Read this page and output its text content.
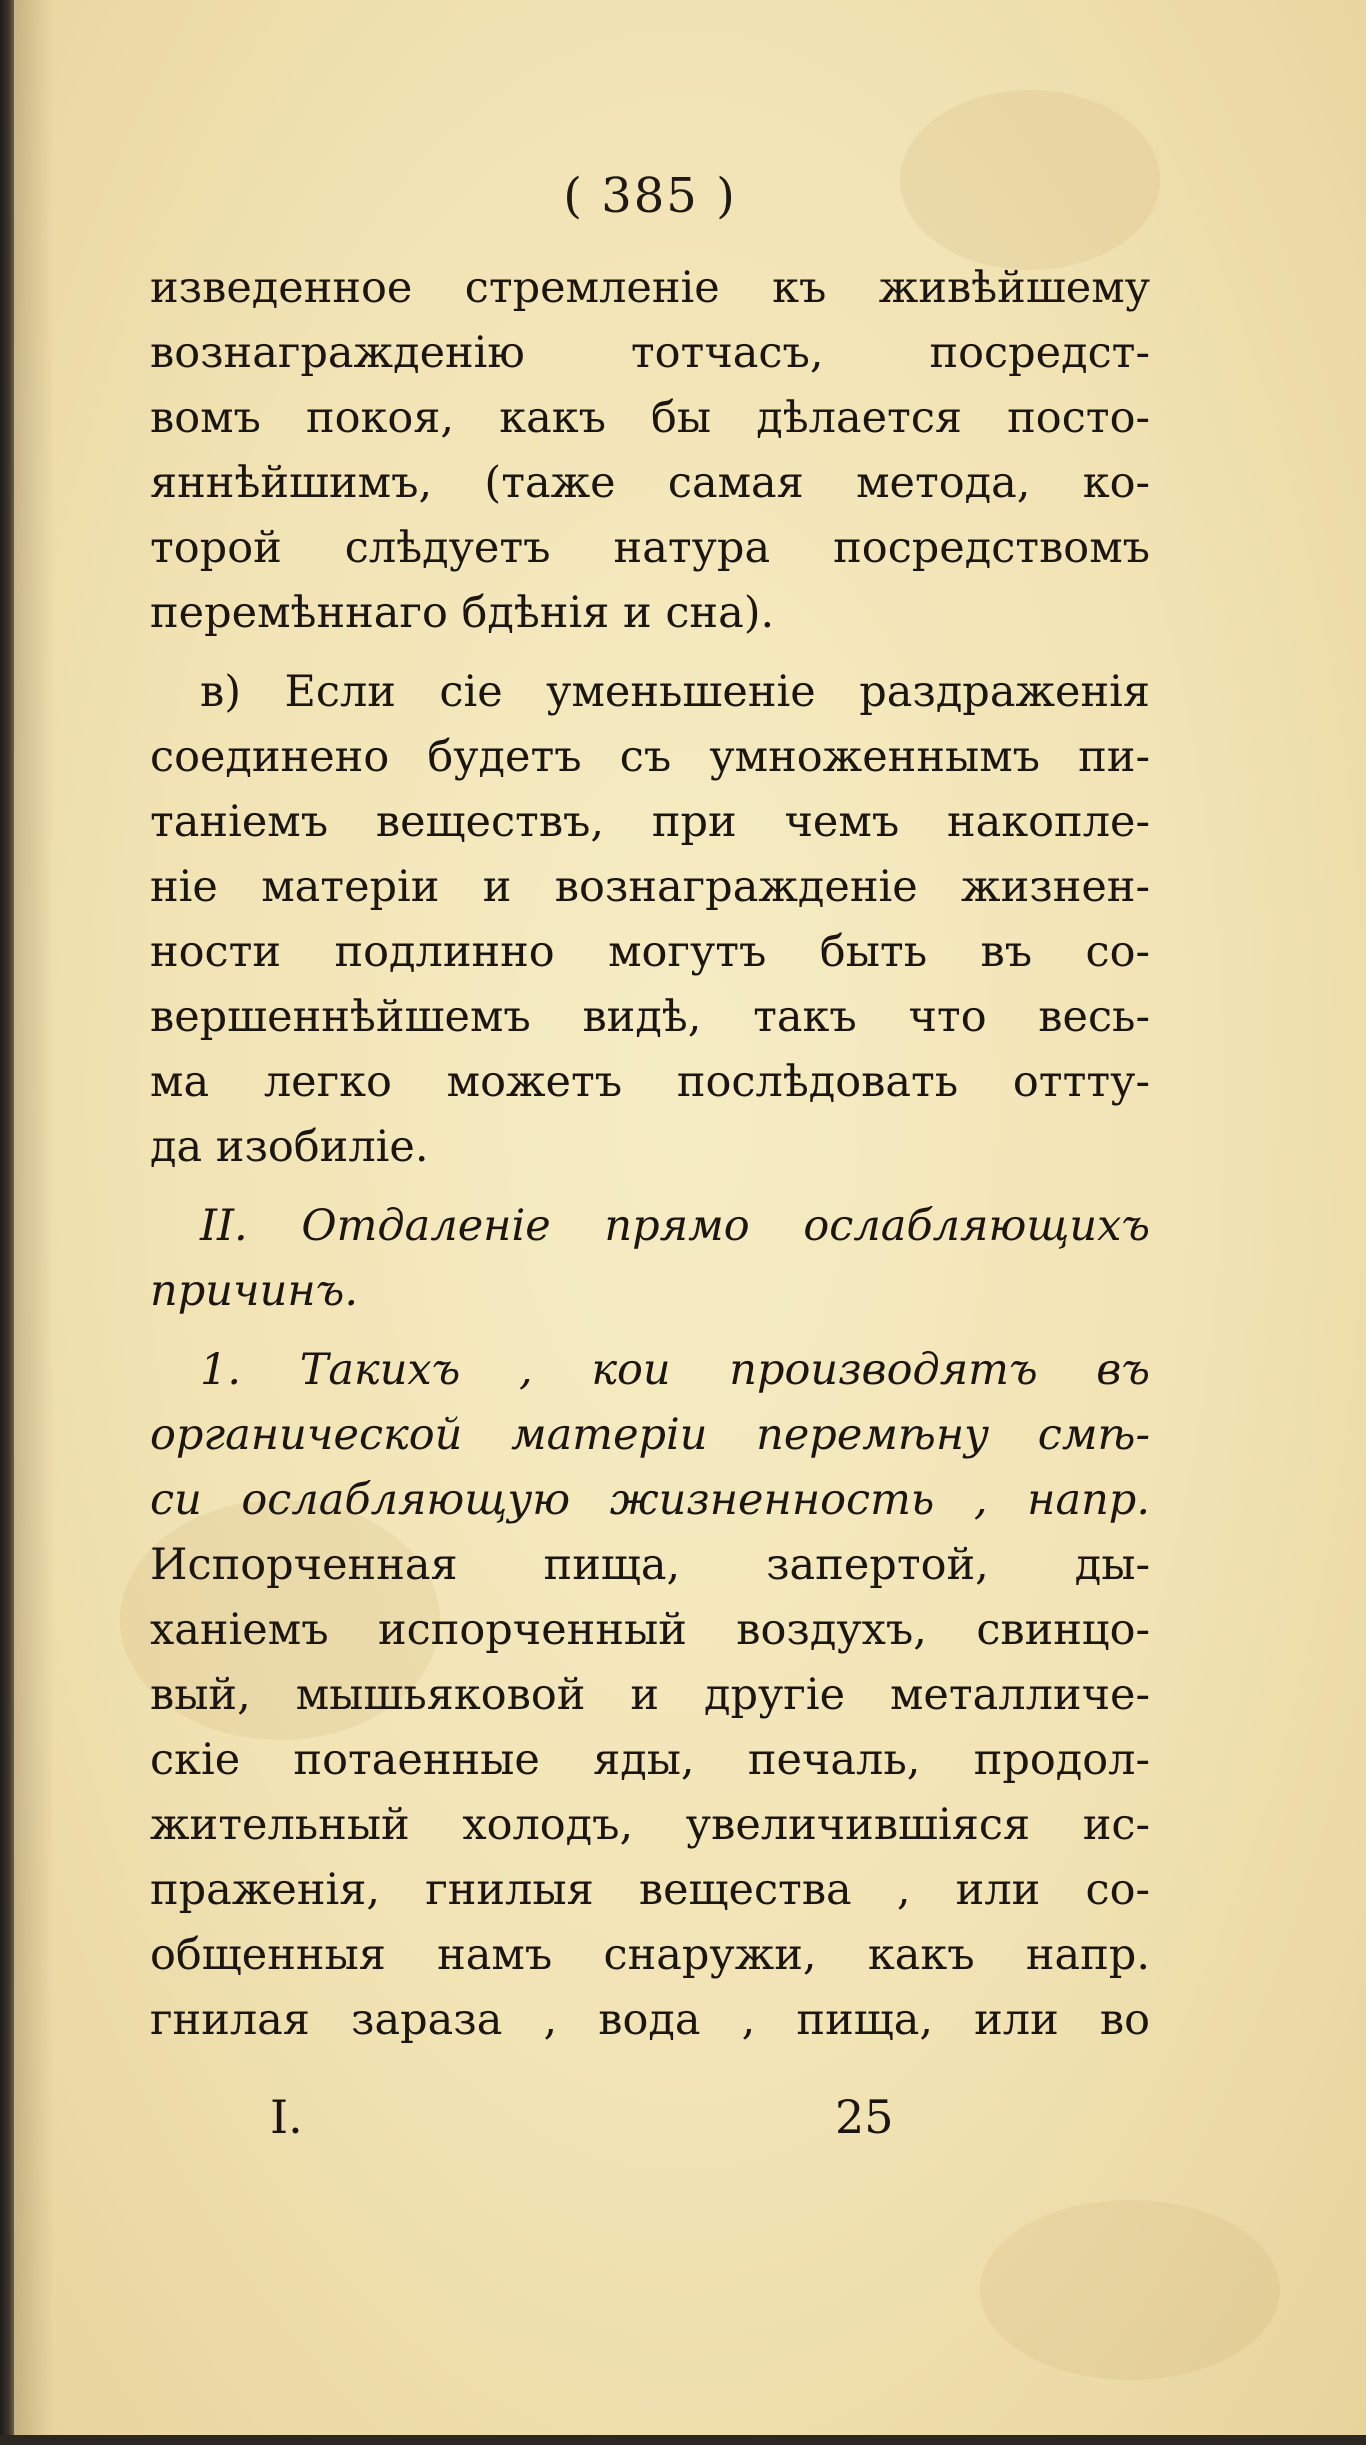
( 385 )
изведенное стремленіе къ живѣйшему
вознагражденію тотчасъ, посредст-
вомъ покоя, какъ бы дѣлается посто-
яннѣйшимъ, (таже самая метода, ко-
торой слѣдуетъ натура посредствомъ
перемѣннаго бдѣнія и сна).
в) Если сіе уменьшеніе раздраженія
соединено будетъ съ умноженнымъ пи-
таніемъ веществъ, при чемъ накопле-
ніе матеріи и вознагражденіе жизнен-
ности подлинно могутъ быть въ со-
вершеннѣйшемъ видѣ, такъ что весь-
ма легко можетъ послѣдовать оттту-
да изобиліе.
II. Отдаленіе прямо ослабляющихъ
причинъ.
1. Такихъ , кои производятъ въ
органической матеріи перемѣну смѣ-
си ослабляющую жизненность , напр.
Испорченная пища, запертой, ды-
ханіемъ испорченный воздухъ, свинцо-
вый, мышьяковой и другіе металличе-
скіе потаенные яды, печаль, продол-
жительный холодъ, увеличившіяся ис-
праженія, гнилыя вещества , или со-
общенныя намъ снаружи, какъ напр.
гнилая зараза , вода , пища, или во
I.	25
